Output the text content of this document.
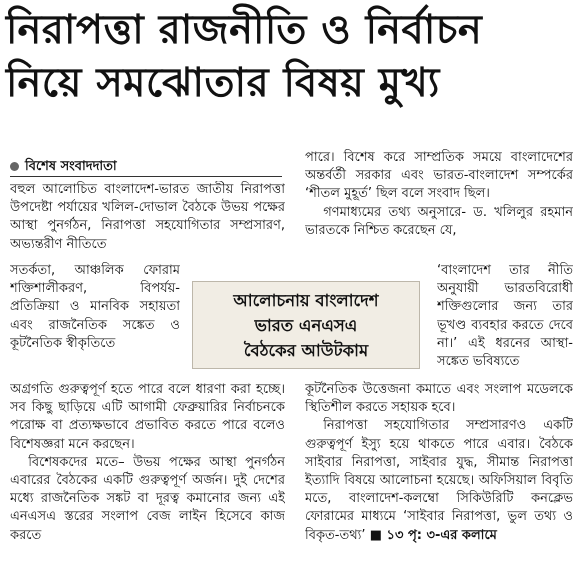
নিরাপত্তা রাজনীতি ও নির্বাচন
নিয়ে সমঝোতার বিষয় মুখ্য
বিশেষ সংবাদদাতা

বহুল আলোচিত বাংলাদেশ-ভারত জাতীয় নিরাপত্তা উপদেষ্টা পর্যায়ের খলিল-দোভাল বৈঠকে উভয় পক্ষের আস্থা পুনর্গঠন, নিরাপত্তা সহযোগিতার সম্প্রসারণ, অভ্যন্তরীণ নীতিতে

সতর্কতা, আঞ্চলিক ফোরাম শক্তিশালীকরণ, বিপর্যয়-প্রতিক্রিয়া ও মানবিক সহায়তা এবং রাজনৈতিক সঙ্কেত ও কূটনৈতিক স্বীকৃতিতে

অগ্রগতি গুরুত্বপূর্ণ হতে পারে বলে ধারণা করা হচ্ছে। সব কিছু ছাড়িয়ে এটি আগামী ফেব্রুয়ারির নির্বাচনকে পরোক্ষ বা প্রত্যক্ষভাবে প্রভাবিত করতে পারে বলেও বিশেষজ্ঞরা মনে করছেন।

বিশেষকদের মতে– উভয় পক্ষের আস্থা পুনর্গঠন এবারের বৈঠকের একটি গুরুত্বপূর্ণ অর্জন। দুই দেশের মধ্যে রাজনৈতিক সঙ্কট বা দূরত্ব কমানোর জন্য এই এনএসএ স্তরের সংলাপ বেজ লাইন হিসেবে কাজ করতে

আলোচনায় বাংলাদেশ
ভারত এনএসএ
বৈঠকের আউটকাম

পারে। বিশেষ করে সাম্প্রতিক সময়ে বাংলাদেশের অন্তর্বর্তী সরকার এবং ভারত-বাংলাদেশ সম্পর্কের ‘শীতল মুহূর্ত’ ছিল বলে সংবাদ ছিল।

গণমাধ্যমের তথ্য অনুসারে- ড. খলিলুর রহমান ভারতকে নিশ্চিত করেছেন যে,

‘বাংলাদেশ তার নীতি অনুযায়ী ভারতবিরোধী শক্তিগুলোর জন্য তার ভূখণ্ড ব্যবহার করতে দেবে না।’ এই ধরনের আস্থা-সঙ্কেত ভবিষ্যতে

কূটনৈতিক উত্তেজনা কমাতে এবং সংলাপ মডেলকে স্থিতিশীল করতে সহায়ক হবে।

নিরাপত্তা সহযোগিতার সম্প্রসারণও একটি গুরুত্বপূর্ণ ইস্যু হয়ে থাকতে পারে এবার। বৈঠকে সাইবার নিরাপত্তা, সাইবার যুদ্ধ, সীমান্ত নিরাপত্তা ইত্যাদি বিষয়ে আলোচনা হয়েছে। অফিসিয়াল বিবৃতি মতে, বাংলাদেশ-কলম্বো সিকিউরিটি কনক্লেভ ফোরামের মাধ্যমে ‘সাইবার নিরাপত্তা, ভুল তথ্য ও বিকৃত-তথ্য’ ■ ১৩ পৃ: ৩-এর কলামে
